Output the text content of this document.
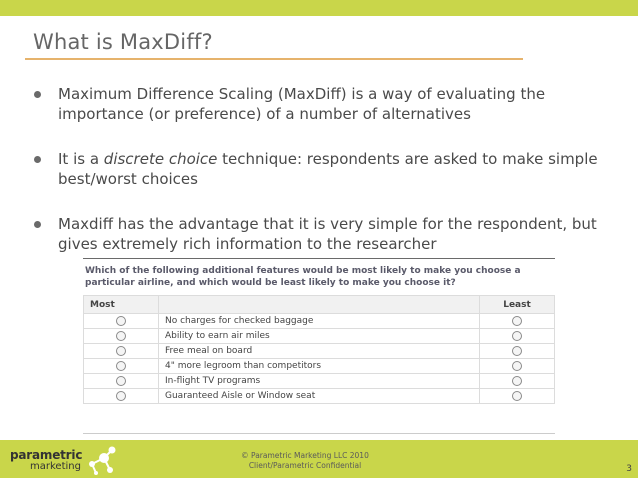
What is MaxDiff?
Maximum Difference Scaling (MaxDiff) is a way of evaluating the importance (or preference) of a number of alternatives
It is a discrete choice technique: respondents are asked to make simple best/worst choices
Maxdiff has the advantage that it is very simple for the respondent, but gives extremely rich information to the researcher
Which of the following additional features would be most likely to make you choose a particular airline, and which would be least likely to make you choose it?
Most		Least
	No charges for checked baggage	
	Ability to earn air miles	
	Free meal on board	
	4" more legroom than competitors	
	In-flight TV programs	
	Guaranteed Aisle or Window seat	
parametric
marketing
© Parametric Marketing LLC 2010
Client/Parametric Confidential	3
